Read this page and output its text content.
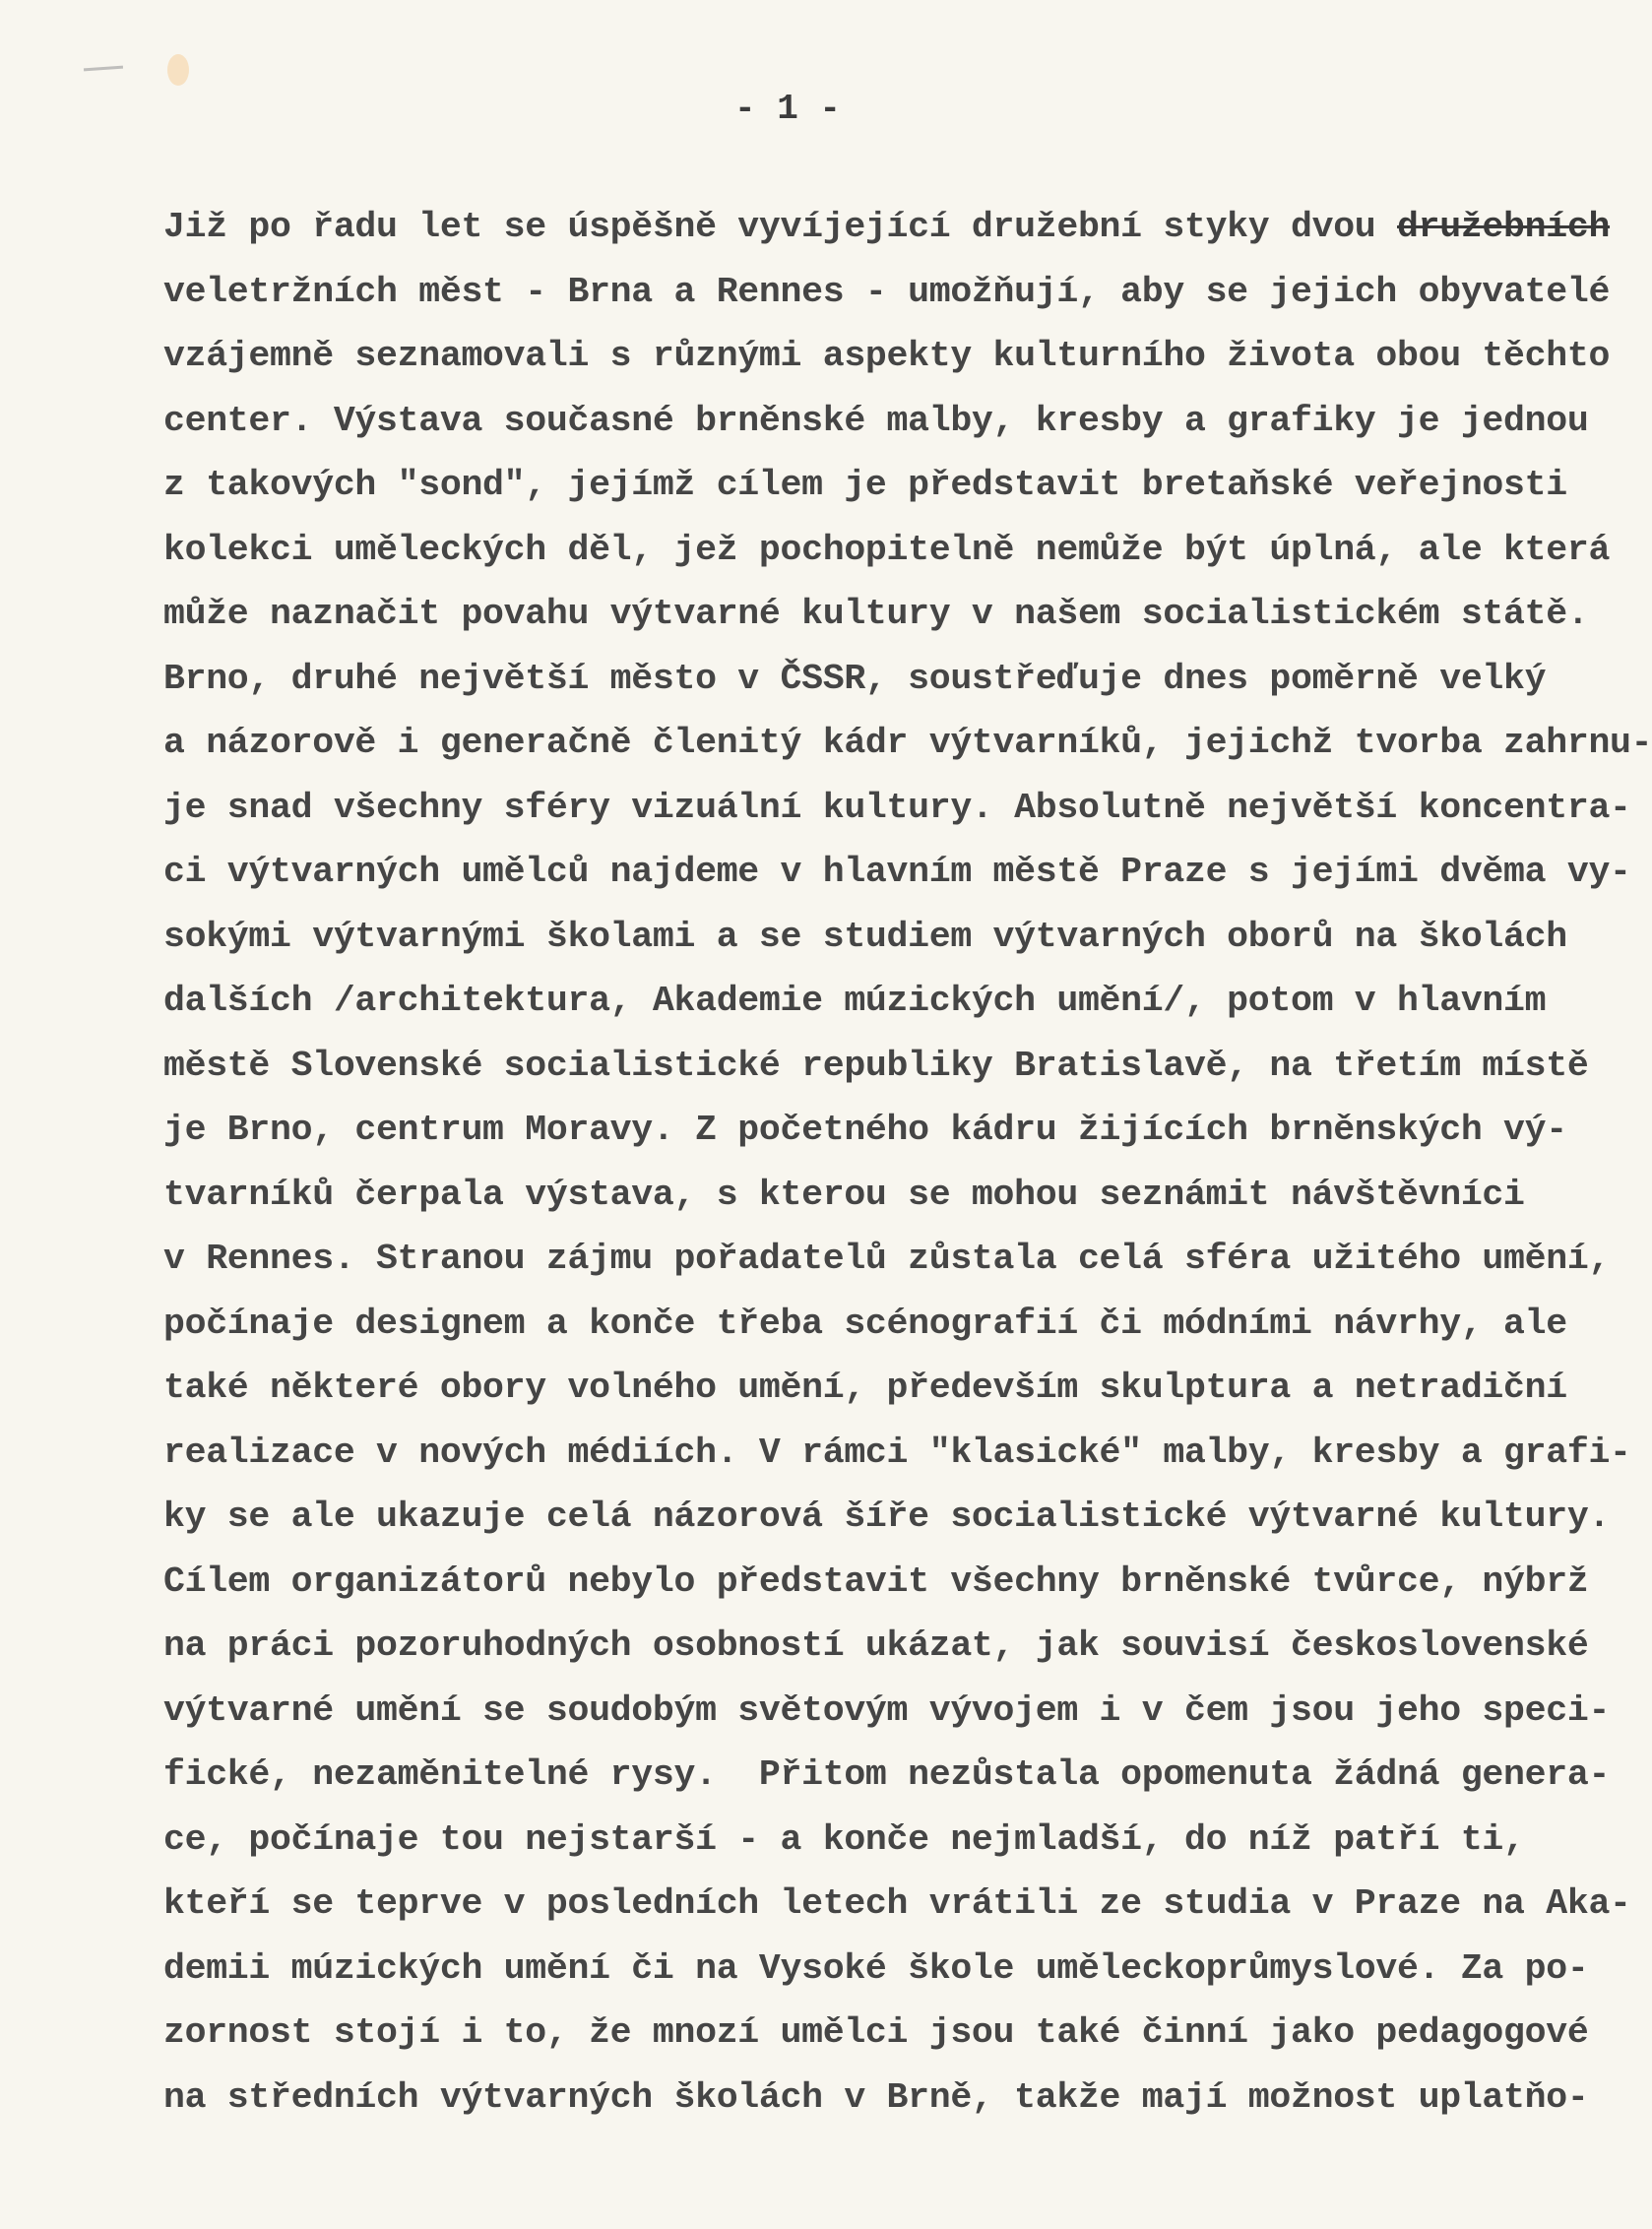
- 1 -
Již po řadu let se úspěšně vyvíjející družební styky dvou družebních
veletržních měst ‑ Brna a Rennes - umožňují, aby se jejich obyvatelé
vzájemně seznamovali s různými aspekty kulturního života obou těchto
center. Výstava současné brněnské malby, kresby a grafiky je jednou
z takových "sond", jejímž cílem je představit bretaňské veřejnosti
kolekci uměleckých děl, jež pochopitelně nemůže být úplná, ale která
může naznačit povahu výtvarné kultury v našem socialistickém státě.
Brno, druhé největší město v ČSSR, soustřeďuje dnes poměrně velký
a názorově i generačně členitý kádr výtvarníků, jejichž tvorba zahrnu-
je snad všechny sféry vizuální kultury. Absolutně největší koncentra-
ci výtvarných umělců najdeme v hlavním městě Praze s jejími dvěma vy-
sokými výtvarnými školami a se studiem výtvarných oborů na školách
dalších /architektura, Akademie múzických umění/, potom v hlavním
městě Slovenské socialistické republiky Bratislavě, na třetím místě
je Brno, centrum Moravy. Z početného kádru žijících brněnských vý-
tvarníků čerpala výstava, s kterou se mohou seznámit návštěvníci
v Rennes. Stranou zájmu pořadatelů zůstala celá sféra užitého umění,
počínaje designem a konče třeba scénografií či módními návrhy, ale
také některé obory volného umění, především skulptura a netradiční
realizace v nových médiích. V rámci "klasické" malby, kresby a grafi-
ky se ale ukazuje celá názorová šíře socialistické výtvarné kultury.
Cílem organizátorů nebylo představit všechny brněnské tvůrce, nýbrž
na práci pozoruhodných osobností ukázat, jak souvisí československé
výtvarné umění se soudobým světovým vývojem i v čem jsou jeho speci-
fické, nezaměnitelné rysy.  Přitom nezůstala opomenuta žádná genera-
ce, počínaje tou nejstarší - a konče nejmladší, do níž patří ti,
kteří se teprve v posledních letech vrátili ze studia v Praze na Aka-
demii múzických umění či na Vysoké škole uměleckoprůmyslové. Za po-
zornost stojí i to, že mnozí umělci jsou také činní jako pedagogové
na středních výtvarných školách v Brně, takže mají možnost uplatňo-
